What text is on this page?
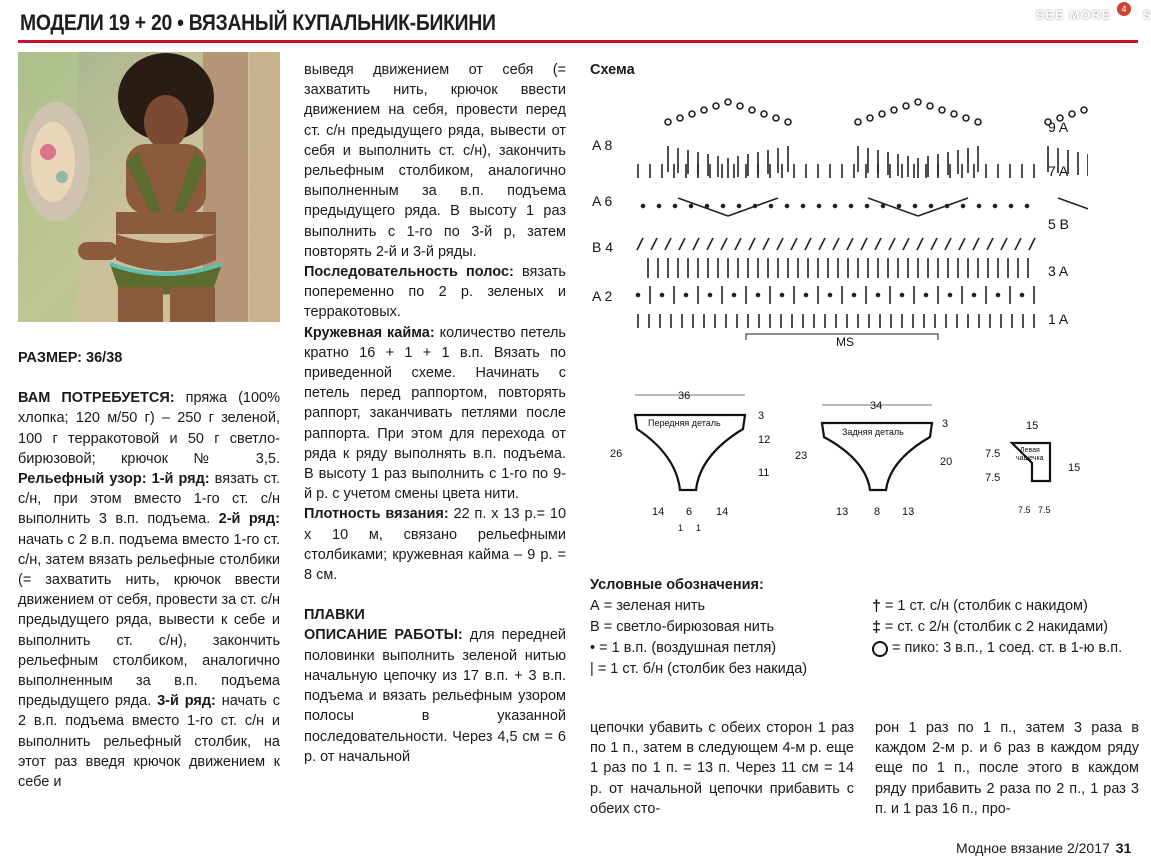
МОДЕЛИ 19 + 20 • ВЯЗАНЫЙ КУПАЛЬНИК-БИКИНИ	SEE MORE	4	S

РАЗМЕР: 36/38

ВАМ ПОТРЕБУЕТСЯ: пряжа (100% хлопка; 120 м/50 г) – 250 г зеленой, 100 г терракотовой и 50 г светло-бирюзовой; крючок № 3,5. Рельефный узор: 1-й ряд: вязать ст. с/н, при этом вместо 1-го ст. с/н выполнить 3 в.п. подъема. 2-й ряд: начать с 2 в.п. подъема вместо 1-го ст. с/н, затем вязать рельефные столбики (= захватить нить, крючок ввести движением от себя, провести за ст. с/н предыдущего ряда, вывести к себе и выполнить ст. с/н), закончить рельефным столбиком, аналогично выполненным за в.п. подъема предыдущего ряда. 3-й ряд: начать с 2 в.п. подъема вместо 1-го ст. с/н и выполнить рельефный столбик, на этот раз введя крючок движением к себе и

выведя движением от себя (= захватить нить, крючок ввести движением на себя, провести перед ст. с/н предыдущего ряда, вывести от себя и выполнить ст. с/н), закончить рельефным столбиком, аналогично выполненным за в.п. подъема предыдущего ряда. В высоту 1 раз выполнить с 1-го по 3-й р, затем повторять 2-й и 3-й ряды.

Последовательность полос: вязать попеременно по 2 р. зеленых и терракотовых.

Кружевная кайма: количество петель кратно 16 + 1 + 1 в.п. Вязать по приведенной схеме. Начинать с петель перед раппортом, повторять раппорт, заканчивать петлями после раппорта. При этом для перехода от ряда к ряду выполнять в.п. подъема. В высоту 1 раз выполнить с 1-го по 9-й р. с учетом смены цвета нити.

Плотность вязания: 22 п. х 13 р.= 10 х 10 м, связано рельефными столбиками; кружевная кайма – 9 р. = 8 см.

ПЛАВКИ

ОПИСАНИЕ РАБОТЫ: для передней половинки выполнить зеленой нитью начальную цепочку из 17 в.п. + 3 в.п. подъема и вязать рельефным узором полосы в указанной последовательности. Через 4,5 см = 6 р. от начальной

Схема
A 8
A 6
B 4
A 2
9 A
7 A
5 B
3 A
1 A
MS
36
Передняя деталь
26
3
12
11
14 6 14
1 1
34
Задняя деталь
23
3
20
13 8 13
15
Левая
чашечка
7.5
7.5
15
7.5 7.5
Условные обозначения:
А = зеленая нить
В = светло-бирюзовая нить
• = 1 в.п. (воздушная петля)
| = 1 ст. б/н (столбик без накида)
† = 1 ст. с/н (столбик с накидом)
‡ = ст. с 2/н (столбик с 2 накидами)
= пико: 3 в.п., 1 соед. ст. в 1-ю в.п.

цепочки убавить с обеих сторон 1 раз по 1 п., затем в следующем 4-м р. еще 1 раз по 1 п. = 13 п. Через 11 см = 14 р. от начальной цепочки прибавить с обеих сто-

рон 1 раз по 1 п., затем 3 раза в каждом 2-м р. и 6 раз в каждом ряду еще по 1 п., после этого в каждом ряду прибавить 2 раза по 2 п., 1 раз 3 п. и 1 раз 16 п., про-

Модное вязание 2/2017 31
